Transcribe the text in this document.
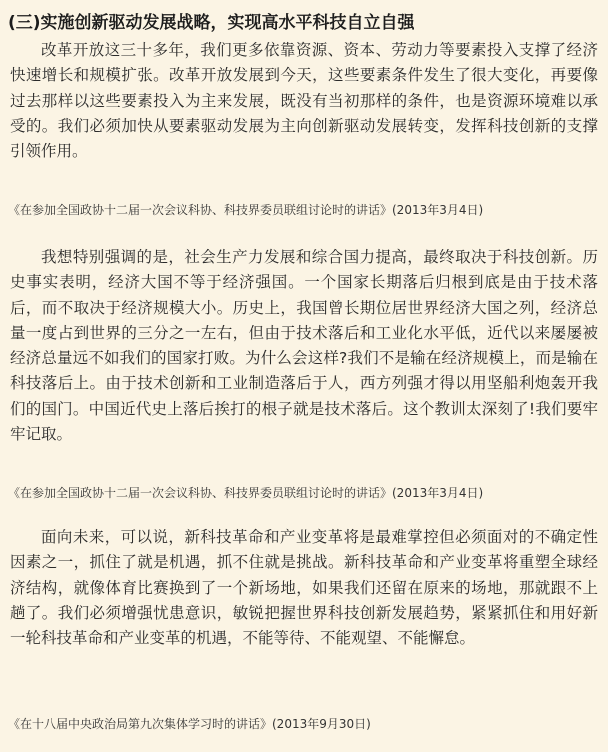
(三)实施创新驱动发展战略，实现高水平科技自立自强
改革开放这三十多年，我们更多依靠资源、资本、劳动力等要素投入支撑了经济快速增长和规模扩张。改革开放发展到今天，这些要素条件发生了很大变化，再要像过去那样以这些要素投入为主来发展，既没有当初那样的条件，也是资源环境难以承受的。我们必须加快从要素驱动发展为主向创新驱动发展转变，发挥科技创新的支撑引领作用。
《在参加全国政协十二届一次会议科协、科技界委员联组讨论时的讲话》(2013年3月4日)
我想特别强调的是，社会生产力发展和综合国力提高，最终取决于科技创新。历史事实表明，经济大国不等于经济强国。一个国家长期落后归根到底是由于技术落后，而不取决于经济规模大小。历史上，我国曾长期位居世界经济大国之列，经济总量一度占到世界的三分之一左右，但由于技术落后和工业化水平低，近代以来屡屡被经济总量远不如我们的国家打败。为什么会这样?我们不是输在经济规模上，而是输在科技落后上。由于技术创新和工业制造落后于人，西方列强才得以用坚船利炮轰开我们的国门。中国近代史上落后挨打的根子就是技术落后。这个教训太深刻了!我们要牢牢记取。
《在参加全国政协十二届一次会议科协、科技界委员联组讨论时的讲话》(2013年3月4日)
面向未来，可以说，新科技革命和产业变革将是最难掌控但必须面对的不确定性因素之一，抓住了就是机遇，抓不住就是挑战。新科技革命和产业变革将重塑全球经济结构，就像体育比赛换到了一个新场地，如果我们还留在原来的场地，那就跟不上趟了。我们必须增强忧患意识，敏锐把握世界科技创新发展趋势，紧紧抓住和用好新一轮科技革命和产业变革的机遇，不能等待、不能观望、不能懈怠。
《在十八届中央政治局第九次集体学习时的讲话》(2013年9月30日)
